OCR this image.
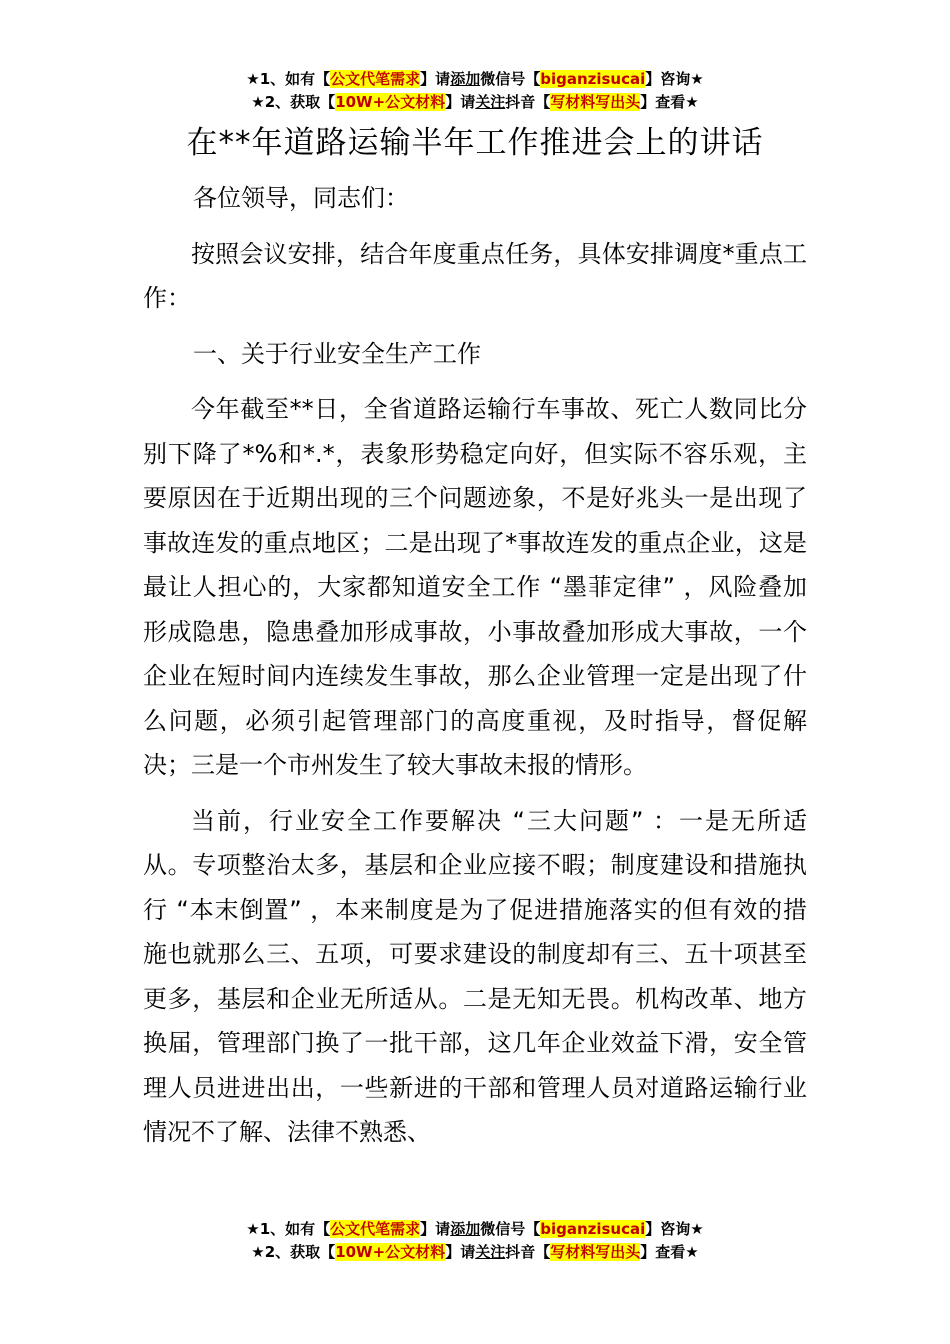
★1、如有【公文代笔需求】请添加微信号【biganzisucai】咨询★
★2、获取【10W+公文材料】请关注抖音【写材料写出头】查看★
在**年道路运输半年工作推进会上的讲话

各位领导，同志们：

按照会议安排，结合年度重点任务，具体安排调度*重点工作：

一、关于行业安全生产工作

今年截至**日，全省道路运输行车事故、死亡人数同比分别下降了*%和*.*，表象形势稳定向好，但实际不容乐观，主要原因在于近期出现的三个问题迹象，不是好兆头一是出现了事故连发的重点地区；二是出现了*事故连发的重点企业，这是最让人担心的，大家都知道安全工作 “墨菲定律” ，风险叠加形成隐患，隐患叠加形成事故，小事故叠加形成大事故，一个企业在短时间内连续发生事故，那么企业管理一定是出现了什么问题，必须引起管理部门的高度重视，及时指导，督促解决；三是一个市州发生了较大事故未报的情形。

当前，行业安全工作要解决 “三大问题” ：一是无所适从。专项整治太多，基层和企业应接不暇；制度建设和措施执行 “本末倒置” ，本来制度是为了促进措施落实的但有效的措施也就那么三、五项，可要求建设的制度却有三、五十项甚至更多，基层和企业无所适从。二是无知无畏。机构改革、地方换届，管理部门换了一批干部，这几年企业效益下滑，安全管理人员进进出出，一些新进的干部和管理人员对道路运输行业情况不了解、法律不熟悉、

★1、如有【公文代笔需求】请添加微信号【biganzisucai】咨询★
★2、获取【10W+公文材料】请关注抖音【写材料写出头】查看★
